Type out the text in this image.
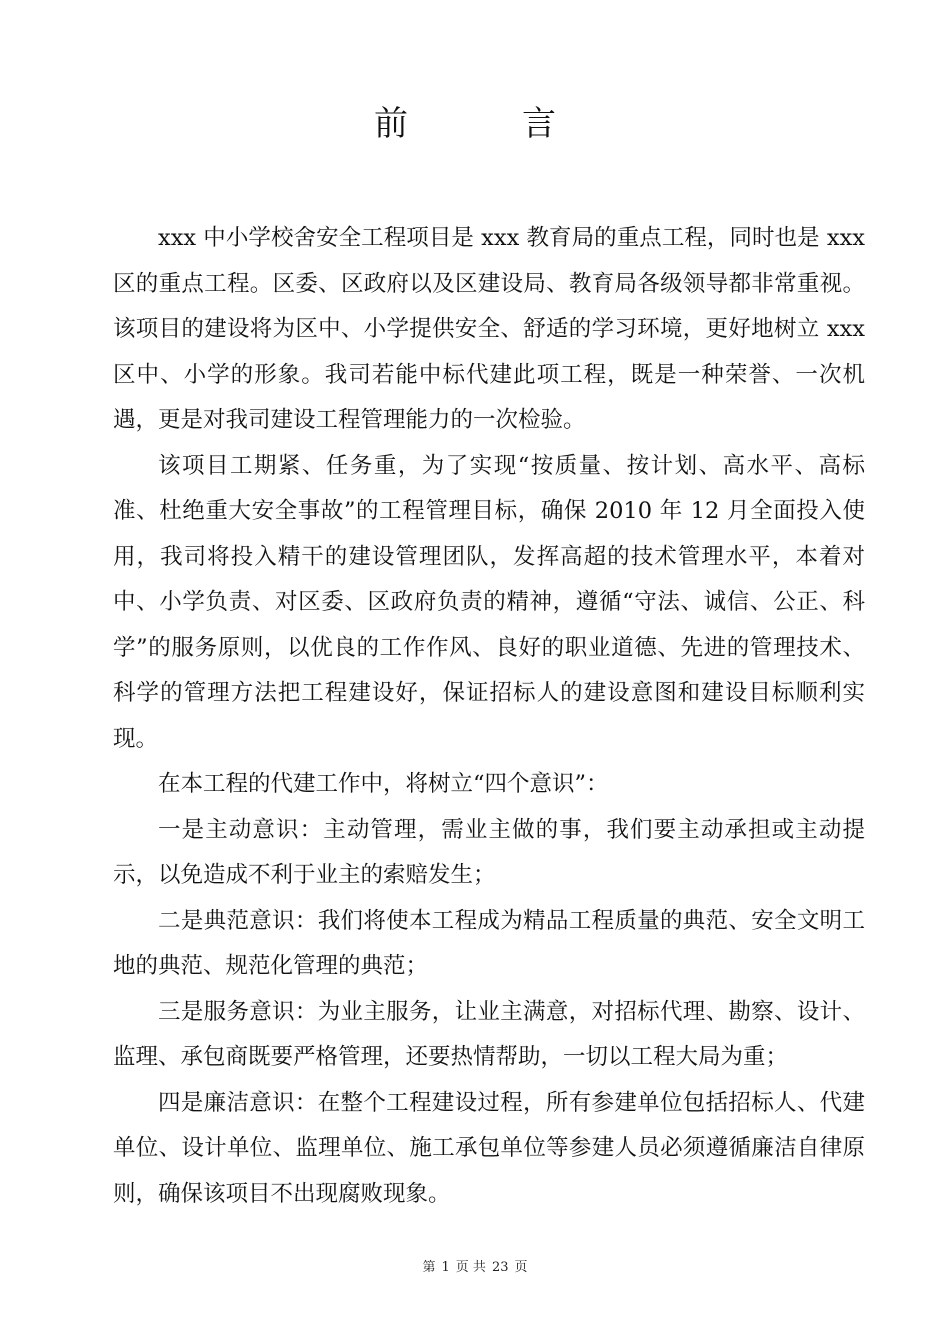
前　言

xxx 中小学校舍安全工程项目是 xxx 教育局的重点工程，同时也是 xxx 区的重点工程。区委、区政府以及区建设局、教育局各级领导都非常重视。该项目的建设将为区中、小学提供安全、舒适的学习环境，更好地树立 xxx 区中、小学的形象。我司若能中标代建此项工程，既是一种荣誉、一次机遇，更是对我司建设工程管理能力的一次检验。

该项目工期紧、任务重，为了实现“按质量、按计划、高水平、高标准、杜绝重大安全事故”的工程管理目标，确保 2010 年 12 月全面投入使用，我司将投入精干的建设管理团队，发挥高超的技术管理水平，本着对中、小学负责、对区委、区政府负责的精神，遵循“守法、诚信、公正、科学”的服务原则，以优良的工作作风、良好的职业道德、先进的管理技术、科学的管理方法把工程建设好，保证招标人的建设意图和建设目标顺利实现。

在本工程的代建工作中，将树立“四个意识”：

一是主动意识：主动管理，需业主做的事，我们要主动承担或主动提示，以免造成不利于业主的索赔发生；

二是典范意识：我们将使本工程成为精品工程质量的典范、安全文明工地的典范、规范化管理的典范；

三是服务意识：为业主服务，让业主满意，对招标代理、勘察、设计、监理、承包商既要严格管理，还要热情帮助，一切以工程大局为重；

四是廉洁意识：在整个工程建设过程，所有参建单位包括招标人、代建单位、设计单位、监理单位、施工承包单位等参建人员必须遵循廉洁自律原则，确保该项目不出现腐败现象。

第 1 页 共 23 页
